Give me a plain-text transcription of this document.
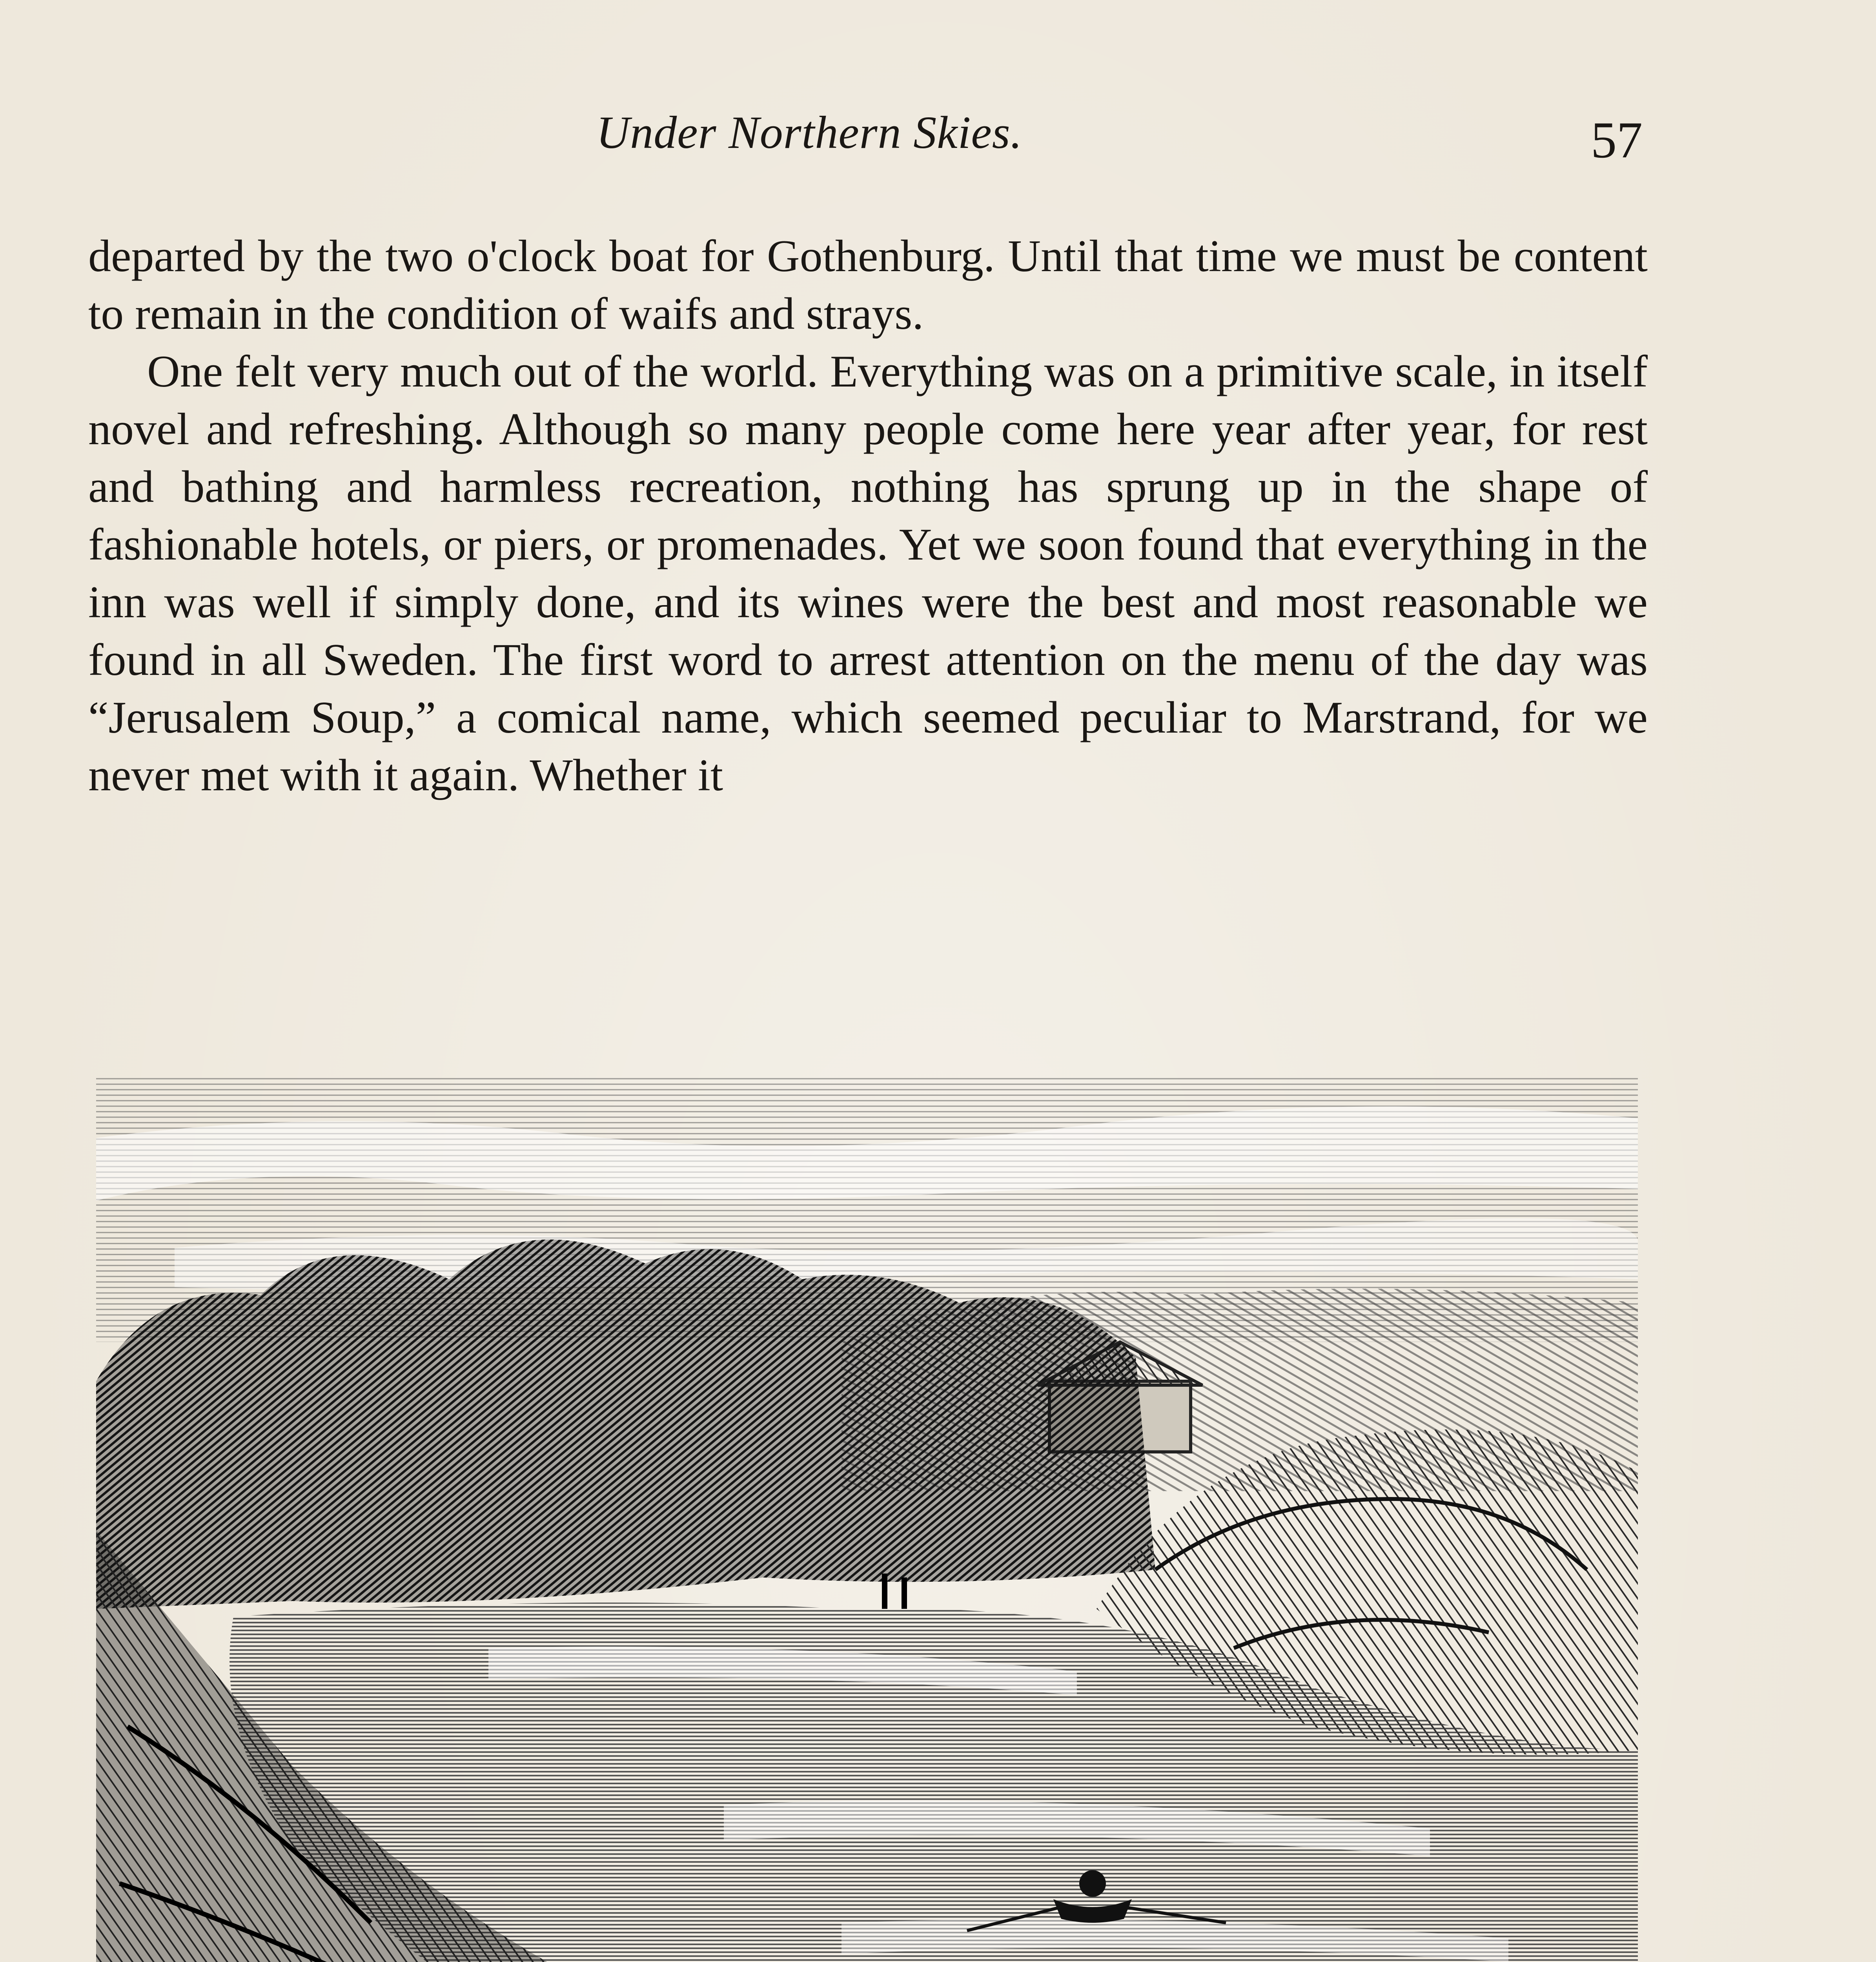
Under Northern Skies.	57

departed by the two o'clock boat for Gothenburg. Until that time we must be content to remain in the condition of waifs and strays.

One felt very much out of the world. Everything was on a primitive scale, in itself novel and refreshing. Although so many people come here year after year, for rest and bathing and harmless recreation, nothing has sprung up in the shape of fashionable hotels, or piers, or promenades. Yet we soon found that everything in the inn was well if simply done, and its wines were the best and most reasonable we found in all Sweden. The first word to arrest attention on the menu of the day was “Jerusalem Soup,” a comical name, which seemed peculiar to Marstrand, for we never met with it again. Whether it
